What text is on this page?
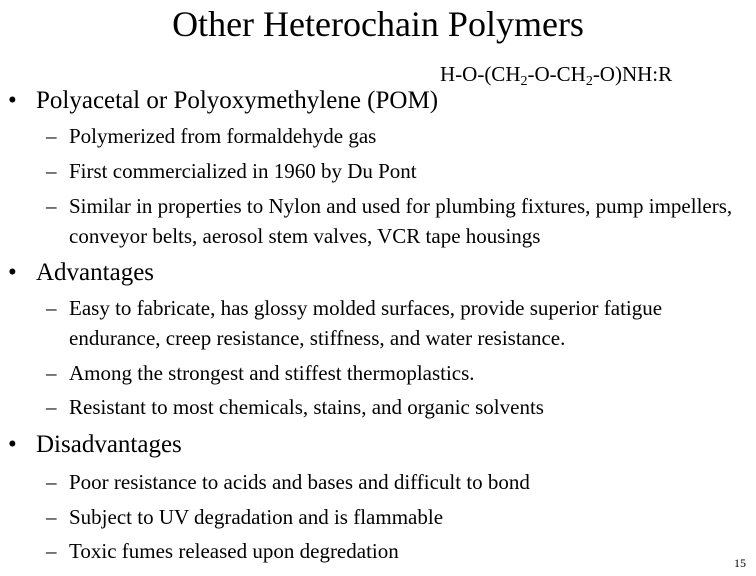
Other Heterochain Polymers
$H-O-(CH_2-O-CH_2-O)NH:R$
• Polyacetal or Polyoxymethylene (POM)
– Polymerized from formaldehyde gas
– First commercialized in 1960 by Du Pont
– Similar in properties to Nylon and used for plumbing fixtures, pump impellers, conveyor belts, aerosol stem valves, VCR tape housings
• Advantages
– Easy to fabricate, has glossy molded surfaces, provide superior fatigue endurance, creep resistance, stiffness, and water resistance.
– Among the strongest and stiffest thermoplastics.
– Resistant to most chemicals, stains, and organic solvents
• Disadvantages
– Poor resistance to acids and bases and difficult to bond
– Subject to UV degradation and is flammable
– Toxic fumes released upon degredation	15
